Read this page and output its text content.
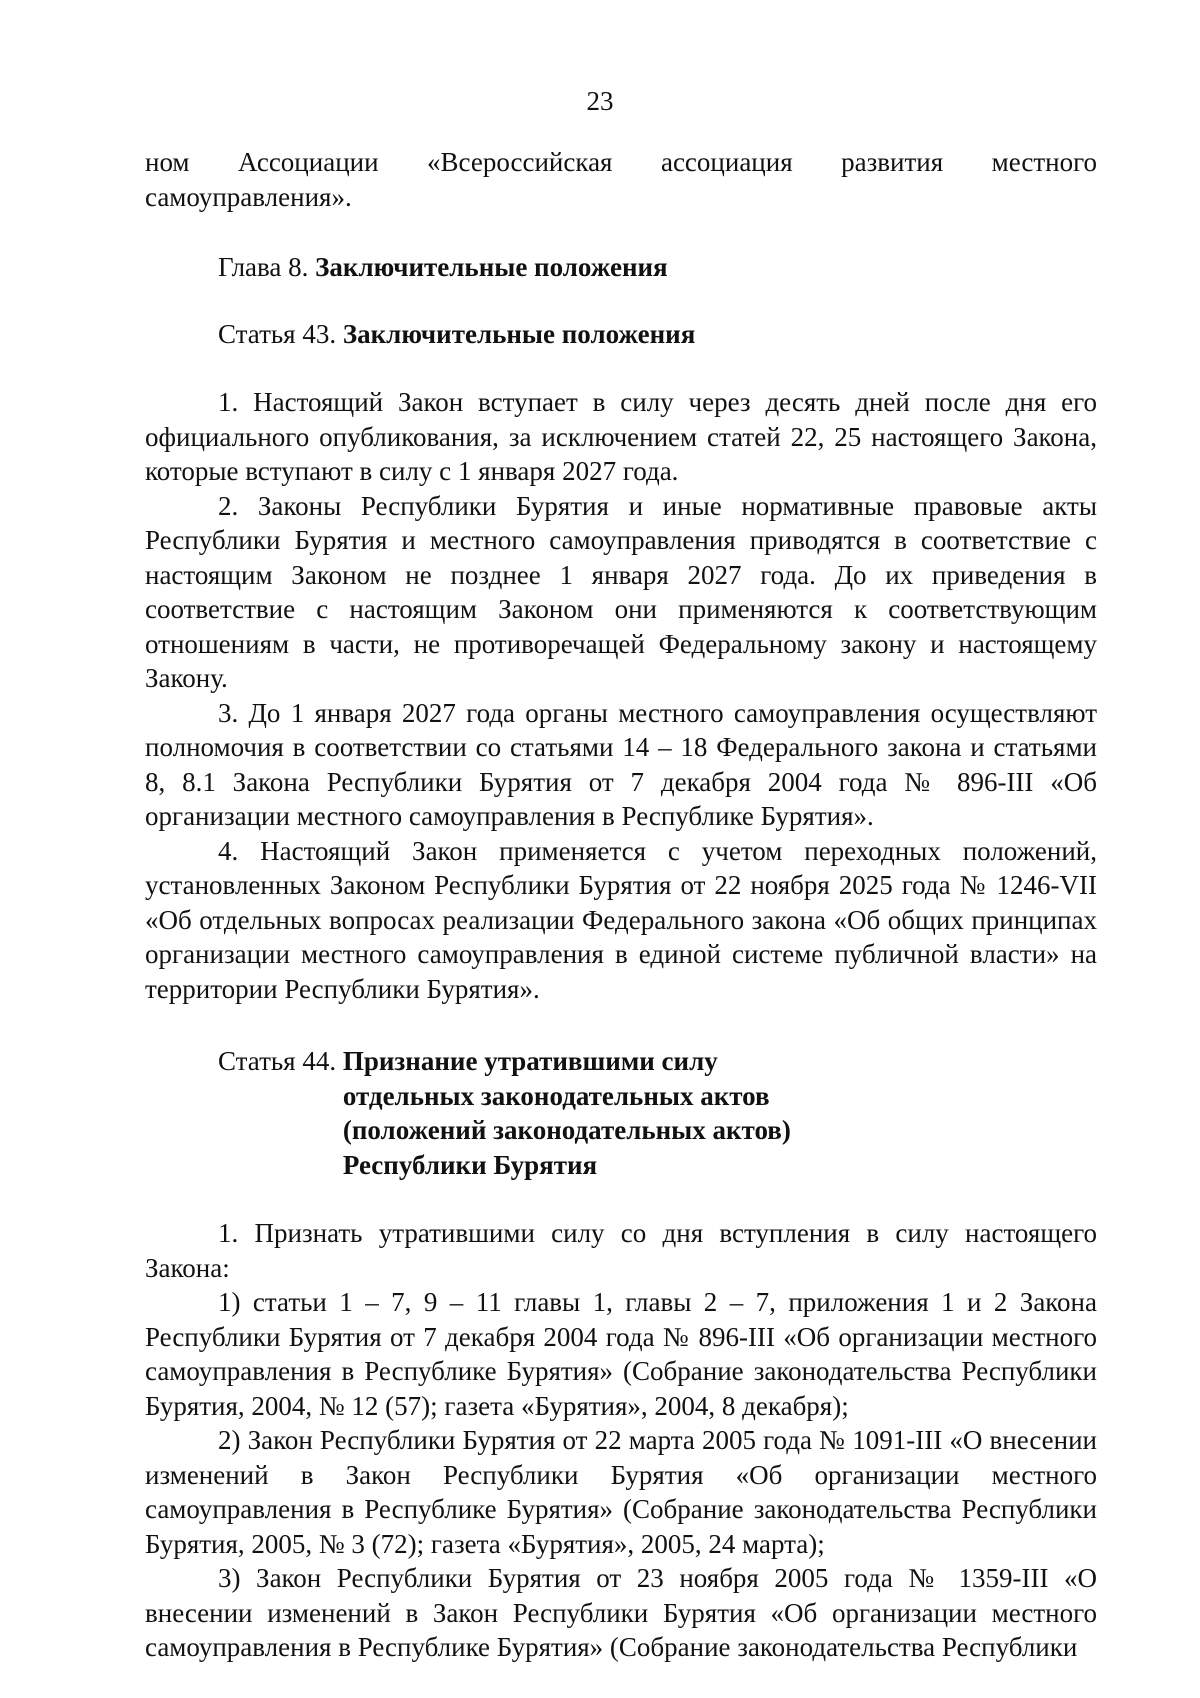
23

ном Ассоциации «Всероссийская ассоциация развития местного самоуправления».

Глава 8. Заключительные положения

Статья 43. Заключительные положения

1. Настоящий Закон вступает в силу через десять дней после дня его официального опубликования, за исключением статей 22, 25 настоящего Закона, которые вступают в силу с 1 января 2027 года.

2. Законы Республики Бурятия и иные нормативные правовые акты Республики Бурятия и местного самоуправления приводятся в соответствие с настоящим Законом не позднее 1 января 2027 года. До их приведения в соответствие с настоящим Законом они применяются к соответствующим отношениям в части, не противоречащей Федеральному закону и настоящему Закону.

3. До 1 января 2027 года органы местного самоуправления осуществляют полномочия в соответствии со статьями 14 – 18 Федерального закона и статьями 8, 8.1 Закона Республики Бурятия от 7 декабря 2004 года № 896-III «Об организации местного самоуправления в Республике Бурятия».

4. Настоящий Закон применяется с учетом переходных положений, установленных Законом Республики Бурятия от 22 ноября 2025 года № 1246-VII «Об отдельных вопросах реализации Федерального закона «Об общих принципах организации местного самоуправления в единой системе публичной власти» на территории Республики Бурятия».

Статья 44. Признание утратившими силу
отдельных законодательных актов
(положений законодательных актов)
Республики Бурятия

1. Признать утратившими силу со дня вступления в силу настоящего Закона:

1) статьи 1 – 7, 9 – 11 главы 1, главы 2 – 7, приложения 1 и 2 Закона Республики Бурятия от 7 декабря 2004 года № 896-III «Об организации местного самоуправления в Республике Бурятия» (Собрание законодательства Республики Бурятия, 2004, № 12 (57); газета «Бурятия», 2004, 8 декабря);

2) Закон Республики Бурятия от 22 марта 2005 года № 1091-III «О внесении изменений в Закон Республики Бурятия «Об организации местного самоуправления в Республике Бурятия» (Собрание законодательства Республики Бурятия, 2005, № 3 (72); газета «Бурятия», 2005, 24 марта);

3) Закон Республики Бурятия от 23 ноября 2005 года № 1359-III «О внесении изменений в Закон Республики Бурятия «Об организации местного самоуправления в Республике Бурятия» (Собрание законодательства Республики
